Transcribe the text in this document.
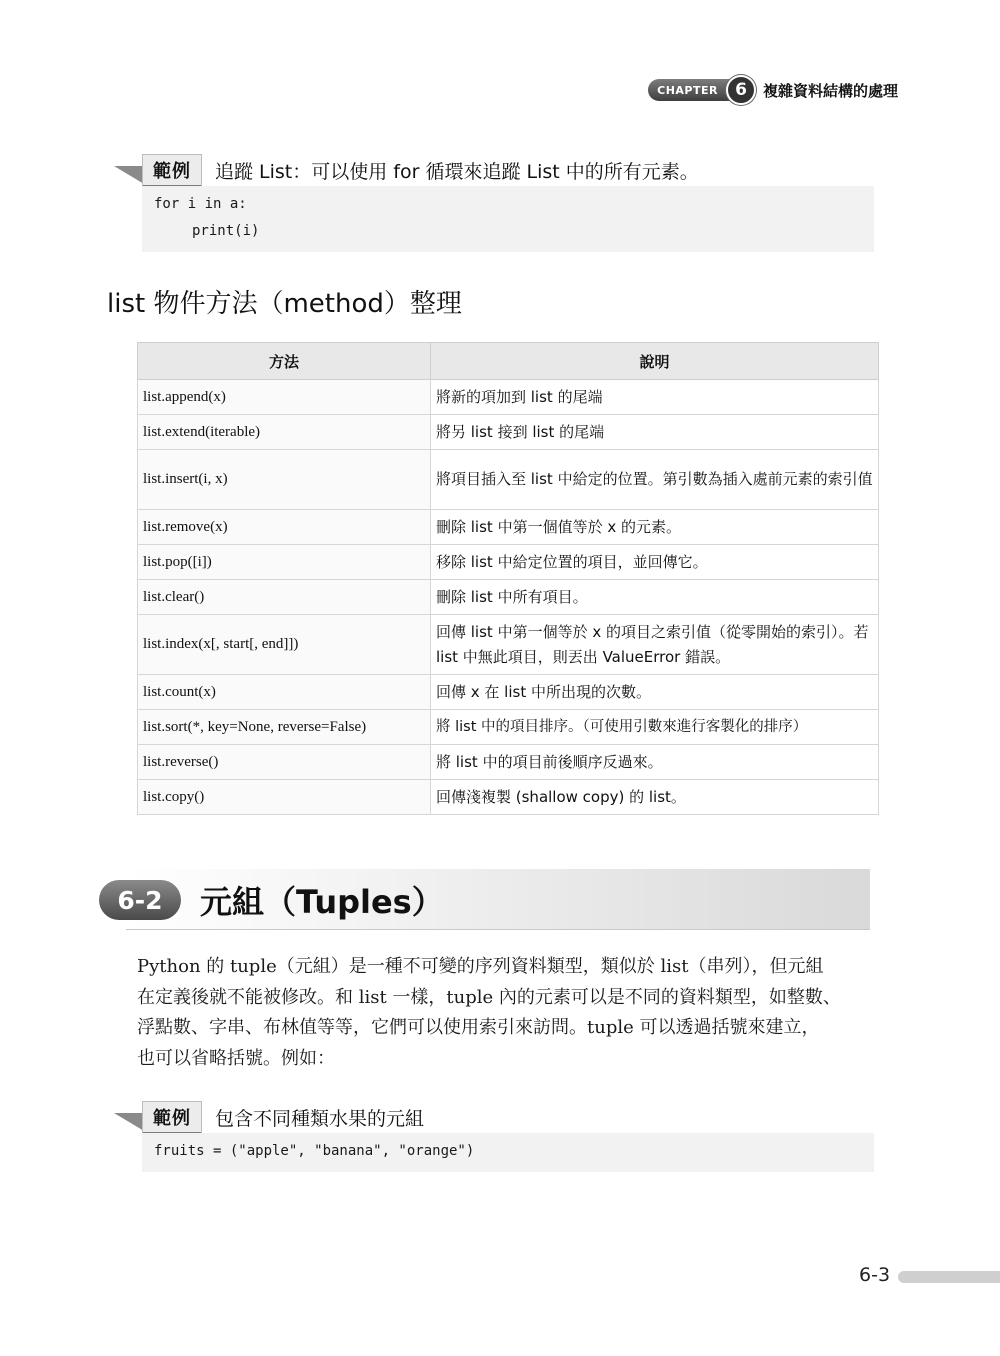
CHAPTER	6	複雜資料結構的處理
範例	追蹤 List：可以使用 for 循環來追蹤 List 中的所有元素。
for i in a:
print(i)
list 物件方法（method）整理
方法	說明
list.append(x)	將新的項加到 list 的尾端
list.extend(iterable)	將另 list 接到 list 的尾端
list.insert(i, x)	將項目插入至 list 中給定的位置。第引數為插入處前元素的索引值
list.remove(x)	刪除 list 中第一個值等於 x 的元素。
list.pop([i])	移除 list 中給定位置的項目，並回傳它。
list.clear()	刪除 list 中所有項目。
list.index(x[, start[, end]])	回傳 list 中第一個等於 x 的項目之索引值（從零開始的索引）。若 list 中無此項目，則丟出 ValueError 錯誤。
list.count(x)	回傳 x 在 list 中所出現的次數。
list.sort(*, key=None, reverse=False)	將 list 中的項目排序。（可使用引數來進行客製化的排序）
list.reverse()	將 list 中的項目前後順序反過來。
list.copy()	回傳淺複製 (shallow copy) 的 list。
6-2	元組（Tuples）
Python 的 tuple（元組）是一種不可變的序列資料類型，類似於 list（串列），但元組
在定義後就不能被修改。和 list 一樣，tuple 內的元素可以是不同的資料類型，如整數、
浮點數、字串、布林值等等，它們可以使用索引來訪問。tuple 可以透過括號來建立，
也可以省略括號。例如：
範例	包含不同種類水果的元組
fruits = ("apple", "banana", "orange")
6-3
